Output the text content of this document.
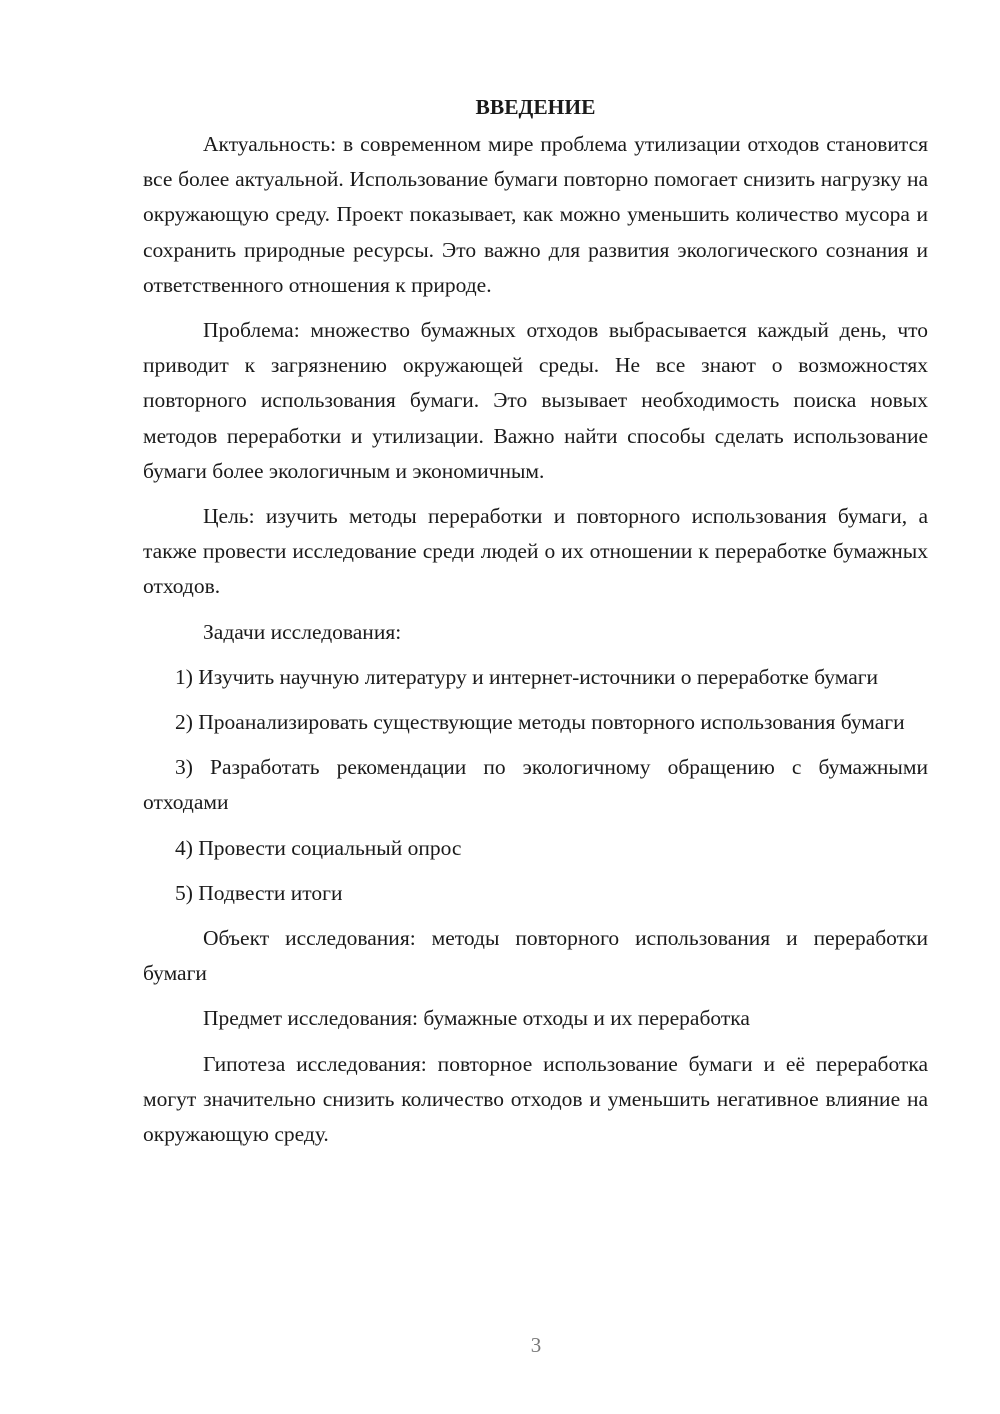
ВВЕДЕНИЕ

Актуальность: в современном мире проблема утилизации отходов становится все более актуальной. Использование бумаги повторно помогает снизить нагрузку на окружающую среду. Проект показывает, как можно уменьшить количество мусора и сохранить природные ресурсы. Это важно для развития экологического сознания и ответственного отношения к природе.

Проблема: множество бумажных отходов выбрасывается каждый день, что приводит к загрязнению окружающей среды. Не все знают о возможностях повторного использования бумаги. Это вызывает необходимость поиска новых методов переработки и утилизации. Важно найти способы сделать использование бумаги более экологичным и экономичным.

Цель: изучить методы переработки и повторного использования бумаги, а также провести исследование среди людей о их отношении к переработке бумажных отходов.

Задачи исследования:

1) Изучить научную литературу и интернет-источники о переработке бумаги

2) Проанализировать существующие методы повторного использования бумаги

3) Разработать рекомендации по экологичному обращению с бумажными отходами

4) Провести социальный опрос

5) Подвести итоги

Объект исследования: методы повторного использования и переработки бумаги

Предмет исследования: бумажные отходы и их переработка

Гипотеза исследования: повторное использование бумаги и её переработка могут значительно снизить количество отходов и уменьшить негативное влияние на окружающую среду.

3
